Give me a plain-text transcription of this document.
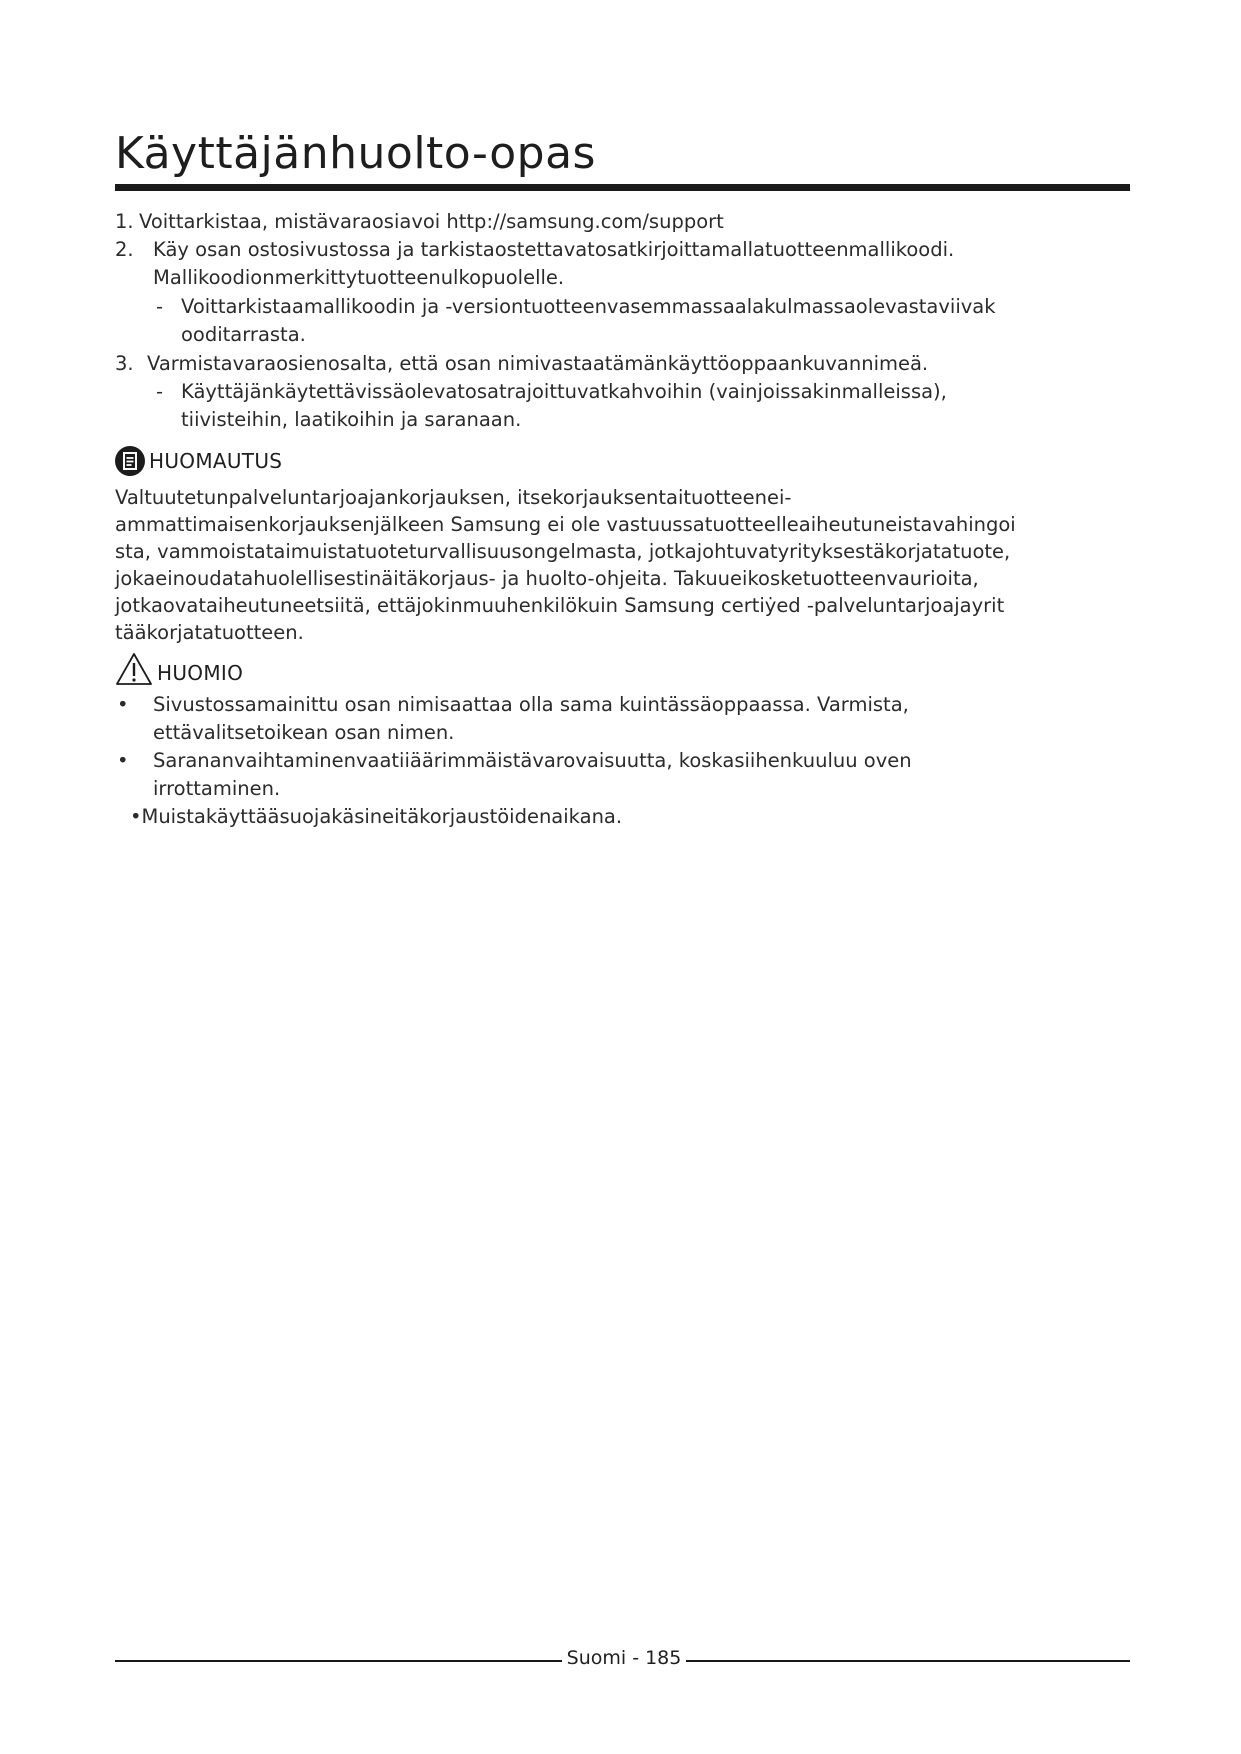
Käyttäjänhuolto-opas
1. Voittarkistaa, mistävaraosiavoi http://samsung.com/support
2. Käy osan ostosivustossa ja tarkistaostettavatosatkirjoittamallatuotteenmallikoodi.
Mallikoodionmerkittytuotteenulkopuolelle.
- Voittarkistaamallikoodin ja -versiontuotteenvasemmassaalakulmassaolevastaviivak
ooditarrasta.
3. Varmistavaraosienosalta, että osan nimivastaatämänkäyttöoppaankuvannimeä.
- Käyttäjänkäytettävissäolevatosatrajoittuvatkahvoihin (vainjoissakinmalleissa),
tiivisteihin, laatikoihin ja saranaan.
HUOMAUTUS
Valtuutetunpalveluntarjoajankorjauksen, itsekorjauksentaituotteenei-
ammattimaisenkorjauksenjälkeen Samsung ei ole vastuussatuotteelleaiheutuneistavahingoi
sta, vammoistataimuistatuoteturvallisuusongelmasta, jotkajohtuvatyrityksestäkorjatatuote,
jokaeinoudatahuolellisestinäitäkorjaus- ja huolto-ohjeita. Takuueikosketuotteenvaurioita,
jotkaovataiheutuneetsiitä, ettäjokinmuuhenkilökuin Samsung certiẏed -palveluntarjoajayrit
tääkorjatatuotteen.
HUOMIO
• Sivustossamainittu osan nimisaattaa olla sama kuintässäoppaassa. Varmista,
ettävalitsetoikean osan nimen.
• Sarananvaihtaminenvaatiiäärimmäistävarovaisuutta, koskasiihenkuuluu oven
irrottaminen.
•Muistakäyttääsuojakäsineitäkorjaustöidenaikana.
Suomi - 185
